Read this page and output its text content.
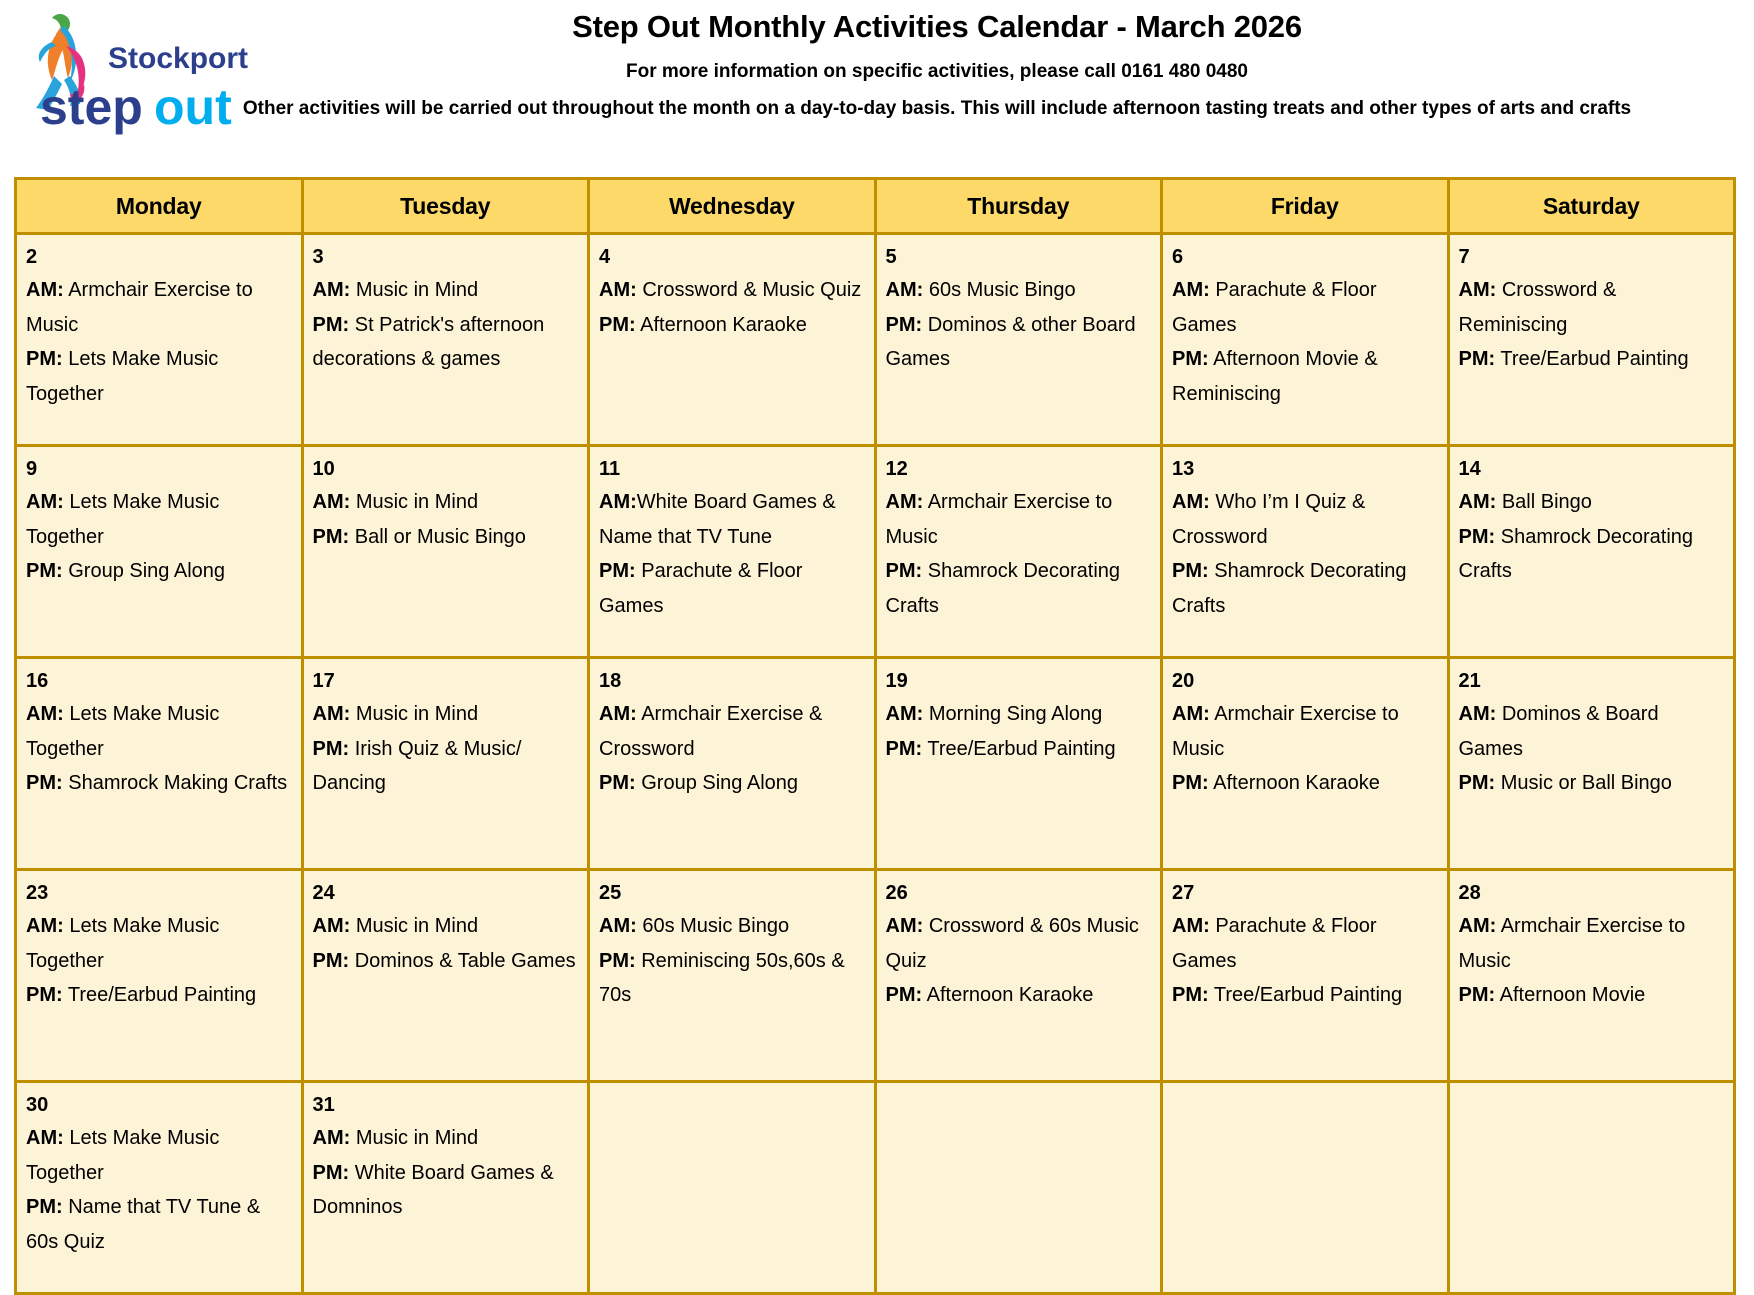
Stockport
step out
Step Out Monthly Activities Calendar - March 2026
For more information on specific activities, please call 0161 480 0480
Other activities will be carried out throughout the month on a day-to-day basis. This will include afternoon tasting treats and other types of arts and crafts
Monday	Tuesday	Wednesday	Thursday	Friday	Saturday

2
AM: Armchair Exercise to Music
PM: Lets Make Music Together	3
AM: Music in Mind
PM: St Patrick's afternoon decorations & games	4
AM: Crossword & Music Quiz
PM: Afternoon Karaoke	5
AM: 60s Music Bingo
PM: Dominos & other Board Games	6
AM: Parachute & Floor Games
PM: Afternoon Movie & Reminiscing	7
AM: Crossword & Reminiscing
PM: Tree/Earbud Painting

9
AM: Lets Make Music Together
PM: Group Sing Along	10
AM: Music in Mind
PM: Ball or Music Bingo	11
AM:White Board Games & Name that TV Tune
PM: Parachute & Floor Games	12
AM: Armchair Exercise to Music
PM: Shamrock Decorating Crafts	13
AM: Who I’m I Quiz & Crossword
PM: Shamrock Decorating Crafts	14
AM: Ball Bingo
PM: Shamrock Decorating Crafts

16
AM: Lets Make Music Together
PM: Shamrock Making Crafts	17
AM: Music in Mind
PM: Irish Quiz & Music/ Dancing	18
AM: Armchair Exercise & Crossword
PM: Group Sing Along	19
AM: Morning Sing Along
PM: Tree/Earbud Painting	20
AM: Armchair Exercise to Music
PM: Afternoon Karaoke	21
AM: Dominos & Board Games
PM: Music or Ball Bingo

23
AM: Lets Make Music Together
PM: Tree/Earbud Painting	24
AM: Music in Mind
PM: Dominos & Table Games	25
AM: 60s Music Bingo
PM: Reminiscing 50s,60s & 70s	26
AM: Crossword & 60s Music Quiz
PM: Afternoon Karaoke	27
AM: Parachute & Floor Games
PM: Tree/Earbud Painting	28
AM: Armchair Exercise to Music
PM: Afternoon Movie

30
AM: Lets Make Music Together
PM: Name that TV Tune & 60s Quiz	31
AM: Music in Mind
PM: White Board Games & Domninos				
